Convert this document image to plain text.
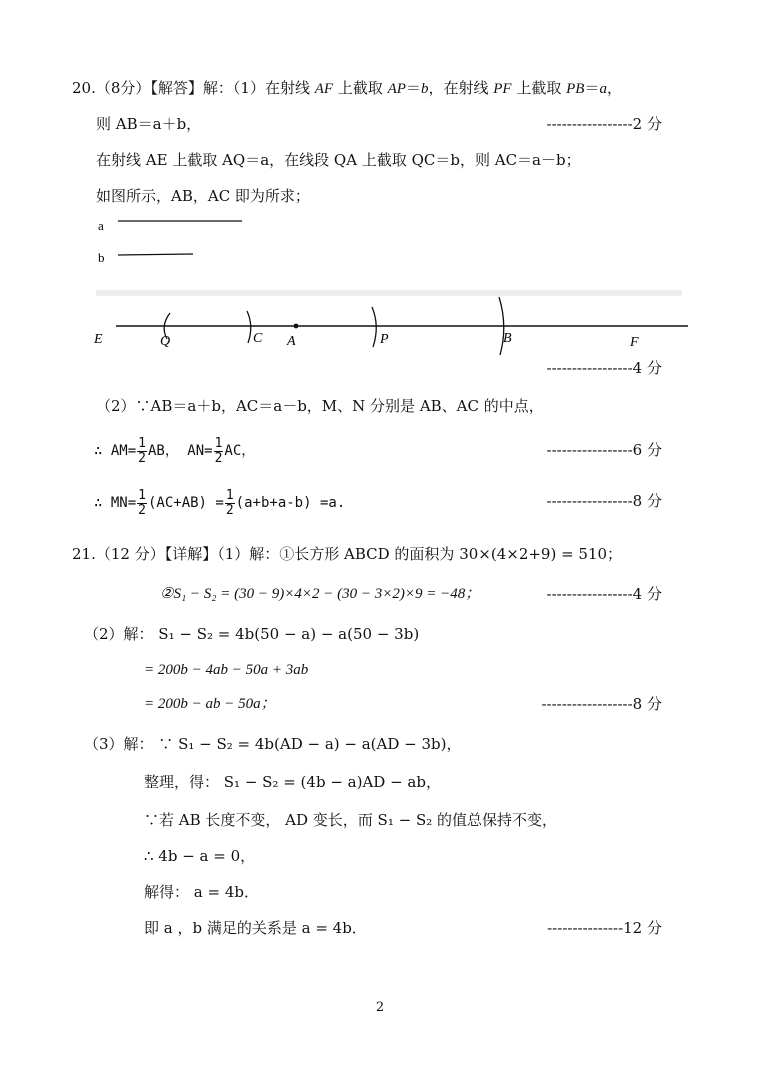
20.（8分）【解答】解：（1）在射线 AF 上截取 AP＝b，在射线 PF 上截取 PB＝a，
则 AB＝a＋b，	-----------------2 分
在射线 AE 上截取 AQ＝a，在线段 QA 上截取 QC＝b，则 AC＝a－b；
如图所示，AB，AC 即为所求；
a
b
E	Q	C A	P	B	F
-----------------4 分
（2）∵AB＝a＋b，AC＝a－b，M、N 分别是 AB、AC 的中点，
∴ $AM= \frac{1}{2}$ AB， $AN= \frac{1}{2}$ AC，	-----------------6 分
∴ $MN= \frac{1}{2} (AC+AB) = \frac{1}{2} (a+b+a-b) =a$.	-----------------8 分
21.（12 分）【详解】（1）解：①长方形 ABCD 的面积为 30×(4×2+9) = 510；
②S₁ − S₂ = (30 − 9)×4×2 − (30 − 3×2)×9 = −48；	-----------------4 分
（2）解： S₁ − S₂ = 4b(50 − a) − a(50 − 3b)
= 200b − 4ab − 50a + 3ab
= 200b − ab − 50a；	------------------8 分
（3）解： ∵ S₁ − S₂ = 4b(AD − a) − a(AD − 3b)，
整理，得： S₁ − S₂ = (4b − a)AD − ab，
∵若 AB 长度不变， AD 变长，而 S₁ − S₂ 的值总保持不变，
∴ 4b − a = 0，
解得： a = 4b．
即 a ，b 满足的关系是 a = 4b．	---------------12 分
2
